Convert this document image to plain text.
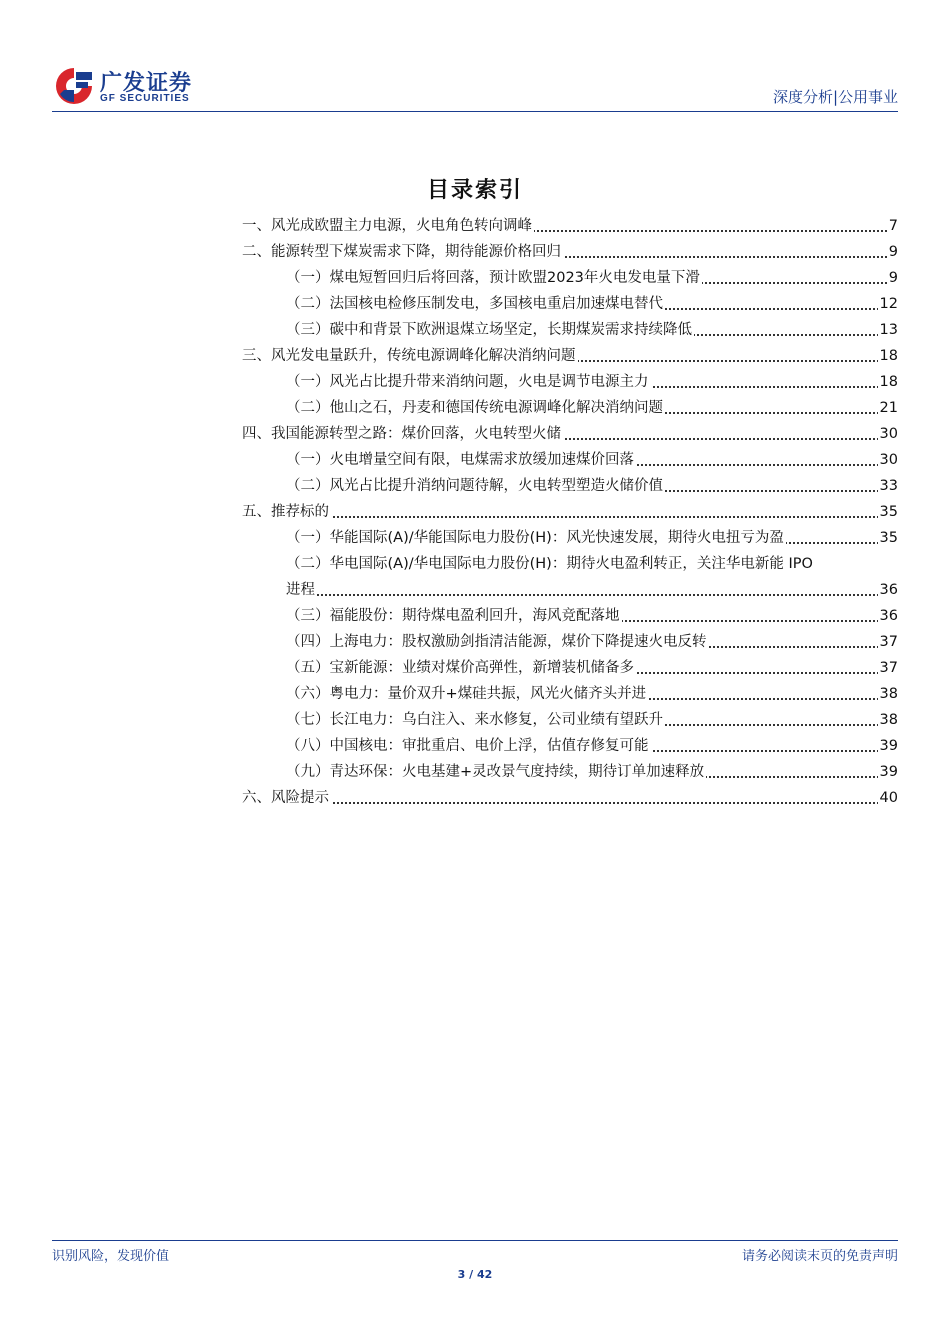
广发证券
GF SECURITIES	深度分析|公用事业
目录索引
一、风光成欧盟主力电源，火电角色转向调峰	7
二、能源转型下煤炭需求下降，期待能源价格回归	9
（一）煤电短暂回归后将回落，预计欧盟2023年火电发电量下滑	9
（二）法国核电检修压制发电，多国核电重启加速煤电替代	12
（三）碳中和背景下欧洲退煤立场坚定，长期煤炭需求持续降低	13
三、风光发电量跃升，传统电源调峰化解决消纳问题	18
（一）风光占比提升带来消纳问题，火电是调节电源主力	18
（二）他山之石，丹麦和德国传统电源调峰化解决消纳问题	21
四、我国能源转型之路：煤价回落，火电转型火储	30
（一）火电增量空间有限，电煤需求放缓加速煤价回落	30
（二）风光占比提升消纳问题待解，火电转型塑造火储价值	33
五、推荐标的	35
（一）华能国际(A)/华能国际电力股份(H)：风光快速发展，期待火电扭亏为盈	35
（二）华电国际(A)/华电国际电力股份(H)：期待火电盈利转正，关注华电新能 IPO
进程	36
（三）福能股份：期待煤电盈利回升，海风竞配落地	36
（四）上海电力：股权激励剑指清洁能源，煤价下降提速火电反转	37
（五）宝新能源：业绩对煤价高弹性，新增装机储备多	37
（六）粤电力：量价双升+煤硅共振，风光火储齐头并进	38
（七）长江电力：乌白注入、来水修复，公司业绩有望跃升	38
（八）中国核电：审批重启、电价上浮，估值存修复可能	39
（九）青达环保：火电基建+灵改景气度持续，期待订单加速释放	39
六、风险提示	40
识别风险，发现价值	请务必阅读末页的免责声明
3 / 42
